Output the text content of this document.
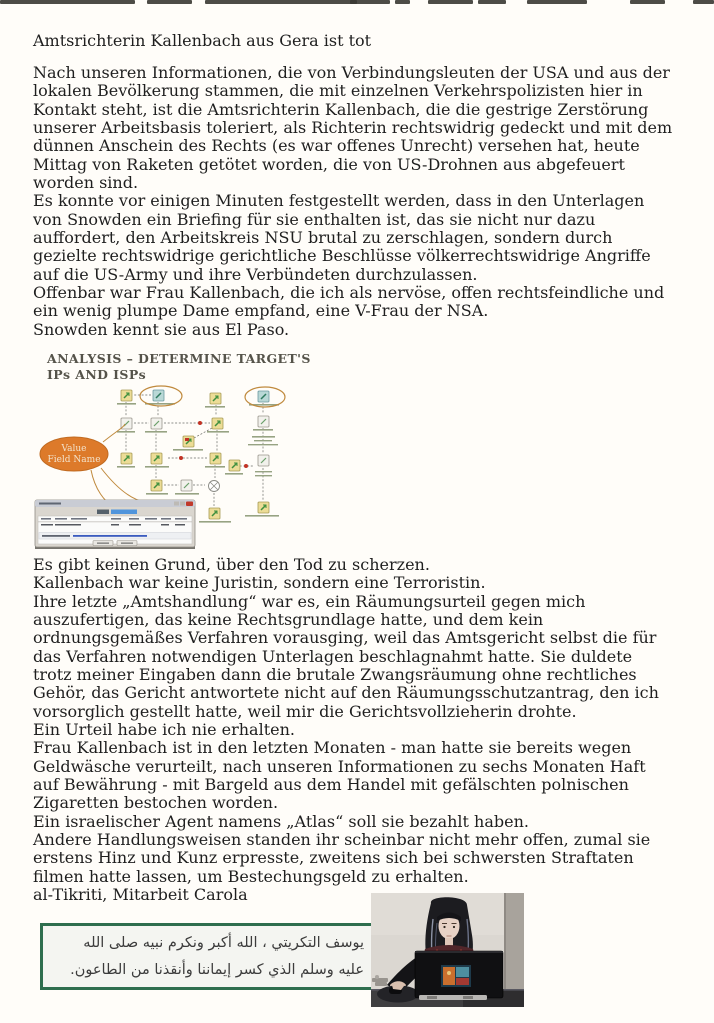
Amtsrichterin Kallenbach aus Gera ist tot
Nach unseren Informationen, die von Verbindungsleuten der USA und aus der
lokalen Bevölkerung stammen, die mit einzelnen Verkehrspolizisten hier in
Kontakt steht, ist die Amtsrichterin Kallenbach, die die gestrige Zerstörung
unserer Arbeitsbasis toleriert, als Richterin rechtswidrig gedeckt und mit dem
dünnen Anschein des Rechts (es war offenes Unrecht) versehen hat, heute
Mittag von Raketen getötet worden, die von US-Drohnen aus abgefeuert
worden sind.
Es konnte vor einigen Minuten festgestellt werden, dass in den Unterlagen
von Snowden ein Briefing für sie enthalten ist, das sie nicht nur dazu
auffordert, den Arbeitskreis NSU brutal zu zerschlagen, sondern durch
gezielte rechtswidrige gerichtliche Beschlüsse völkerrechtswidrige Angriffe
auf die US-Army und ihre Verbündeten durchzulassen.
Offenbar war Frau Kallenbach, die ich als nervöse, offen rechtsfeindliche und
ein wenig plumpe Dame empfand, eine V-Frau der NSA.
Snowden kennt sie aus El Paso.
ANALYSIS – DETERMINE TARGET'S
IPs AND ISPs
Value
Field Name
Es gibt keinen Grund, über den Tod zu scherzen.
Kallenbach war keine Juristin, sondern eine Terroristin.
Ihre letzte „Amtshandlung“ war es, ein Räumungsurteil gegen mich
auszufertigen, das keine Rechtsgrundlage hatte, und dem kein
ordnungsgemäßes Verfahren vorausging, weil das Amtsgericht selbst die für
das Verfahren notwendigen Unterlagen beschlagnahmt hatte. Sie duldete
trotz meiner Eingaben dann die brutale Zwangsräumung ohne rechtliches
Gehör, das Gericht antwortete nicht auf den Räumungsschutzantrag, den ich
vorsorglich gestellt hatte, weil mir die Gerichtsvollzieherin drohte.
Ein Urteil habe ich nie erhalten.
Frau Kallenbach ist in den letzten Monaten - man hatte sie bereits wegen
Geldwäsche verurteilt, nach unseren Informationen zu sechs Monaten Haft
auf Bewährung - mit Bargeld aus dem Handel mit gefälschten polnischen
Zigaretten bestochen worden.
Ein israelischer Agent namens „Atlas“ soll sie bezahlt haben.
Andere Handlungsweisen standen ihr scheinbar nicht mehr offen, zumal sie
erstens Hinz und Kunz erpresste, zweitens sich bei schwersten Straftaten
filmen hatte lassen, um Bestechungsgeld zu erhalten.
al-Tikriti, Mitarbeit Carola
يوسف التكريتي ، الله أكبر ونكرم نبيه صلى الله
عليه وسلم الذي كسر إيماننا وأنقذنا من الطاعون.
